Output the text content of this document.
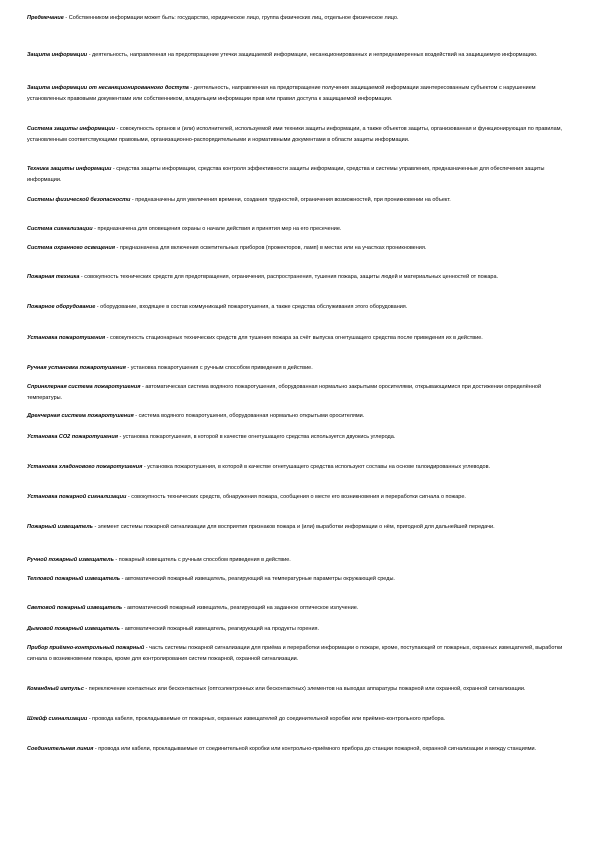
Предмечание - Собственником информации может быть: государство, юридическое лицо, группа физических лиц, отдельное физическое лицо.

Защита информации - деятельность, направленная на предотвращение утечки защищаемой информации, несанкционированных и непреднамеренных воздействий на защищаемую информацию.

Защита информации от несанкционированного доступа - деятельность, направленная на предотвращение получения защищаемой информации заинтересованным субъектом с нарушением установленных правовыми документами или собственником, владельцем информации прав или правил доступа к защищаемой информации.

Система защиты информации - совокупность органов и (или) исполнителей, используемой ими техники защиты информации, а также объектов защиты, организованная и функционирующая по правилам, установленным соответствующими правовыми, организационно-распорядительными и нормативными документами в области защиты информации.

Техника защиты информации - средства защиты информации, средства контроля эффективности защиты информации, средства и системы управления, предназначенные для обеспечения защиты информации.

Системы физической безопасности - предназначены для увеличения времени, создания трудностей, ограничения возможностей, при проникновении на объект.

Система сигнализации - предназначена для оповещения охраны о начале действия и принятия мер на его пресечение.

Система охранного освещения - предназначена для включения осветительных приборов (прожекторов, ламп) в местах или на участках проникновения.

Пожарная техника - совокупность технических средств для предотвращения, ограничения, распространения, тушения пожара, защиты людей и материальных ценностей от пожара.

Пожарное оборудование - оборудование, входящее в состав коммуникаций пожаротушения, а также средства обслуживания этого оборудования.

Установка пожаротушения - совокупность стационарных технических средств для тушения пожара за счёт выпуска огнетушащего средства после приведения их в действие.

Ручная установка пожаротушения - установка пожаротушения с ручным способом приведения в действие.

Спринклерная система пожаротушения - автоматическая система водяного пожаротушения, оборудованная нормально закрытыми оросителями, открывающимися при достижении определённой температуры.

Дренчерная система пожаротушения - система водяного пожаротушения, оборудованная нормально открытыми оросителями.

Установка СО2 пожаротушения - установка пожаротушения, в которой в качестве огнетушащего средства используется двуокись углерода.

Установка хладонового пожаротушения - установка пожаротушения, в которой в качестве огнетушащего средства используют составы на основе галоидированных углеводов.

Установка пожарной сигнализации - совокупность технических средств, обнаружения пожара, сообщения о месте его возникновения и переработки сигнала о пожаре.

Пожарный извещатель - элемент системы пожарной сигнализации для восприятия признаков пожара и (или) выработки информации о нём, пригодной для дальнейшей передачи.

Ручной пожарный извещатель - пожарный извещатель с ручным способом приведения в действие.

Тепловой пожарный извещатель - автоматический пожарный извещатель, реагирующий на температурные параметры окружающей среды.

Световой пожарный извещатель - автоматический пожарный извещатель, реагирующий на заданное оптическое излучение.

Дымовой пожарный извещатель - автоматический пожарный извещатель, реагирующий на продукты горения.

Прибор приёмно-контрольный пожарный - часть системы пожарной сигнализации для приёма и переработки информации о пожаре, кроме, поступающей от пожарных, охранных извещателей, выработки сигнала о возникновении пожара, кроме для контролирования систем пожарной, охранной сигнализации.

Командный импульс - переключение контактных или бесконтактных (оптоэлектронных или бесконтактных) элементов на выходах аппаратуры пожарной или охранной, охранной сигнализации.

Шлейф сигнализации - провода кабеля, прокладываемые от пожарных, охранных извещателей до соединительной коробки или приёмно-контрольного прибора.

Соединительная линия - провода или кабели, прокладываемые от соединительной коробки или контрольно-приёмного прибора до станции пожарной, охранной сигнализации и между станциями.
